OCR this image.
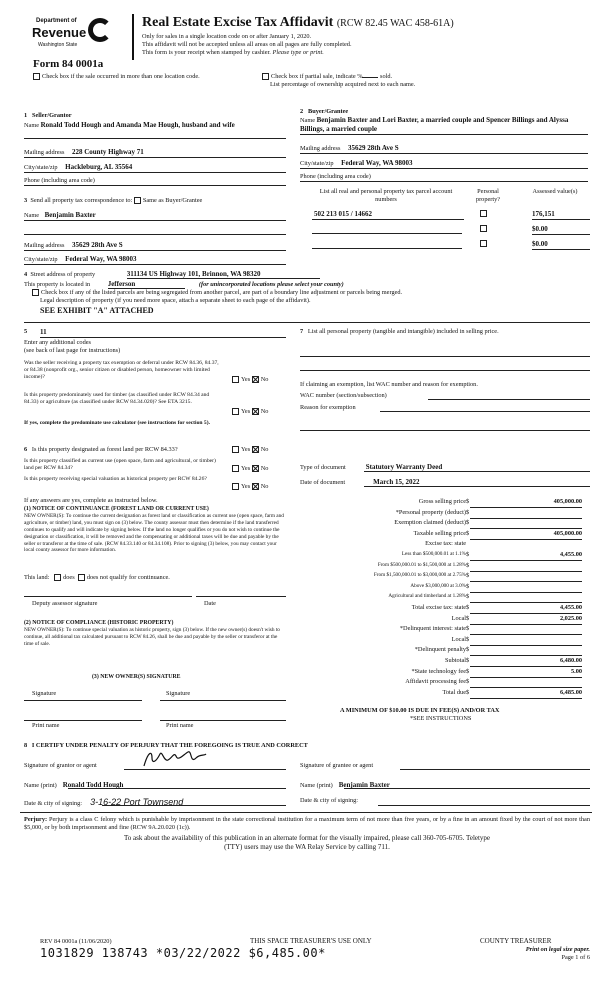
Department of
Revenue
Washington State
Real Estate Excise Tax Affidavit (RCW 82.45 WAC 458-61A)
Only for sales in a single location code on or after January 1, 2020.
This affidavit will not be accepted unless all areas on all pages are fully completed.
This form is your receipt when stamped by cashier. Please type or print.
Form 84 0001a
Check box if the sale occurred in more than one location code.	Check box if partial sale, indicate %	sold.
List percentage of ownership acquired next to each name.
1 Seller/Grantor
Name Ronald Todd Hough and Amanda Mae Hough, husband and wife
Mailing address 228 County Highway 71
City/state/zip Hackleburg, AL 35564
Phone (including area code)
2 Buyer/Grantee
Name Benjamin Baxter and Lori Baxter, a married couple and Spencer Billings and Alyssa Billings, a married couple
Mailing address 35629 28th Ave S
City/state/zip Federal Way, WA 98003
Phone (including area code)
3 Send all property tax correspondence to: Same as Buyer/Grantee
Name Benjamin Baxter
Mailing address 35629 28th Ave S
City/state/zip Federal Way, WA 98003
List all real and personal property tax parcel account numbers
Personal property?
Assessed value(s)
502 213 015 / 14662	176,151
$0.00
$0.00
4 Street address of property	311134 US Highway 101, Brinnon, WA 98320
This property is located in	Jefferson	(for unincorporated locations please select your county)
Check box if any of the listed parcels are being segregated from another parcel, are part of a boundary line adjustment or parcels being merged.
Legal description of property (if you need more space, attach a separate sheet to each page of the affidavit).
SEE EXHIBIT "A" ATTACHED
5 11
Enter any additional codes
(see back of last page for instructions)
Was the seller receiving a property tax exemption or deferral under RCW 84.36, 84.37, or 84.38 (nonprofit org., senior citizen or disabled person, homeowner with limited income)?	Yes No
Is this property predominately used for timber (as classified under RCW 84.34 and 84.33) or agriculture (as classified under RCW 84.34.020)? See ETA 3215.
Yes No
If yes, complete the predominate use calculator (see instructions for section 5).
6 Is this property designated as forest land per RCW 84.33?	Yes No
Is this property classified as current use (open space, farm and agricultural, or timber) land per RCW 84.34?	Yes No
Is this property receiving special valuation as historical property per RCW 84.26?
Yes No
If any answers are yes, complete as instructed below.
(1) NOTICE OF CONTINUANCE (FOREST LAND OR CURRENT USE)
NEW OWNER(S): To continue the current designation as forest land or classification as current use (open space, farm and agriculture, or timber) land, you must sign on (3) below. The county assessor must then determine if the land transferred continues to qualify and will indicate by signing below. If the land no longer qualifies or you do not wish to continue the designation or classification, it will be removed and the compensating or additional taxes will be due and payable by the seller or transferor at the time of sale. (RCW 84.33.140 or 84.34.108). Prior to signing (3) below, you may contact your local county assessor for more information.
This land: does does not qualify for continuance.
Deputy assessor signature	Date
(2) NOTICE OF COMPLIANCE (HISTORIC PROPERTY)
NEW OWNER(S): To continue special valuation as historic property, sign (3) below. If the new owner(s) doesn't wish to continue, all additional tax calculated pursuant to RCW 84.26, shall be due and payable by the seller or transferor at the time of sale.
(3) NEW OWNER(S) SIGNATURE
Signature	Signature
Print name	Print name
7 List all personal property (tangible and intangible) included in selling price.
If claiming an exemption, list WAC number and reason for exemption.
WAC number (section/subsection)
Reason for exemption
Type of document	Statutory Warranty Deed
Date of document	March 15, 2022
Gross selling price $	405,000.00
*Personal property (deduct) $
Exemption claimed (deduct) $
Taxable selling price $	405,000.00
Excise tax: state
Less than $500,000.01 at 1.1% $	4,455.00
From $500,000.01 to $1,500,000 at 1.28% $
From $1,500,000.01 to $3,000,000 at 2.75% $
Above $3,000,000 at 3.0% $
Agricultural and timberland at 1.28% $
Total excise tax: state $	4,455.00
Local $	2,025.00
*Delinquent interest: state $
Local $
*Delinquent penalty $
Subtotal $	6,480.00
*State technology fee $	5.00
Affidavit processing fee $
Total due $	6,485.00
A MINIMUM OF $10.00 IS DUE IN FEE(S) AND/OR TAX
*SEE INSTRUCTIONS
8 I CERTIFY UNDER PENALTY OF PERJURY THAT THE FOREGOING IS TRUE AND CORRECT
Signature of grantor or agent	Signature of grantee or agent
Name (print) Ronald Todd Hough	Name (print) Benjamin Baxter
Date & city of signing: 3-16-22 Port Townsend	Date & city of signing:
Perjury: Perjury is a class C felony which is punishable by imprisonment in the state correctional institution for a maximum term of not more than five years, or by a fine in an amount fixed by the court of not more than $5,000, or by both imprisonment and fine (RCW 9A.20.020 (1c)).
To ask about the availability of this publication in an alternate format for the visually impaired, please call 360-705-6705. Teletype
(TTY) users may use the WA Relay Service by calling 711.
REV 84 0001a (11/06/2020)	THIS SPACE TREASURER'S USE ONLY	COUNTY TREASURER
Print on legal size paper.
Page 1 of 6
1031829 138743 *03/22/2022 $6,485.00*
